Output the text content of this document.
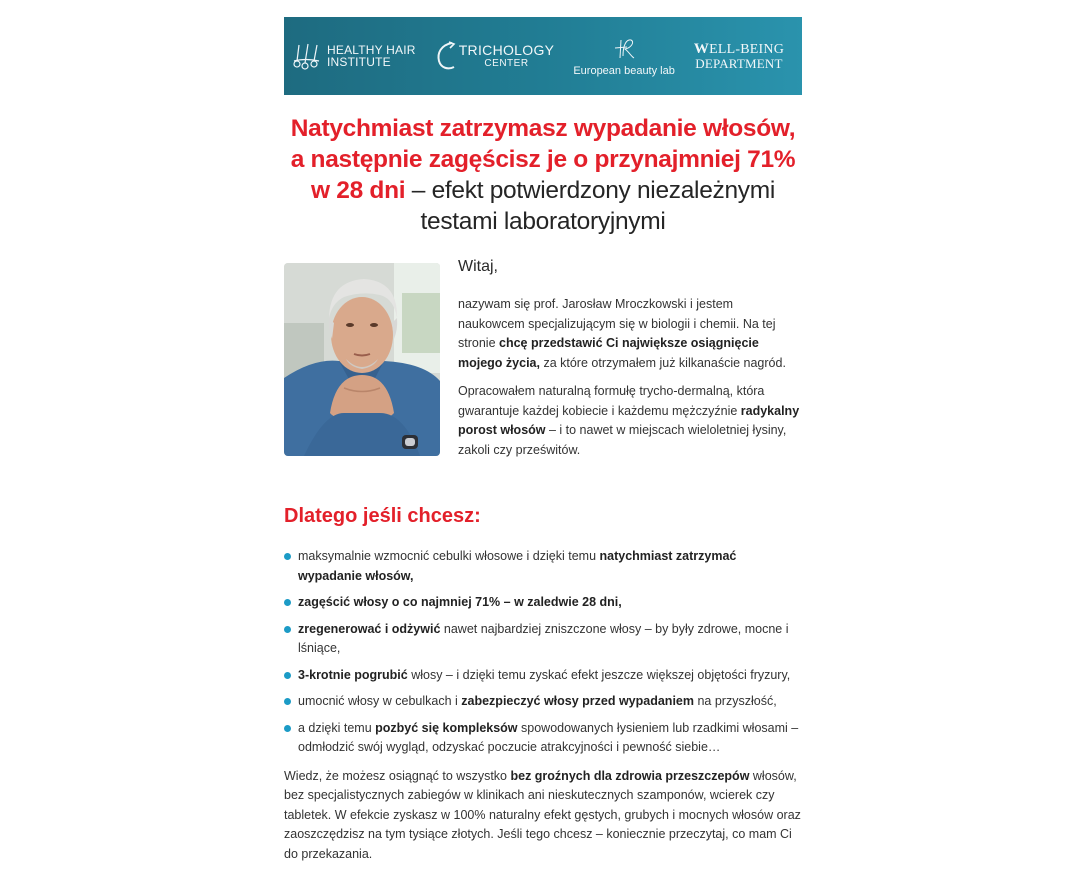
HEALTHY HAIR
INSTITUTE
TRICHOLOGY
CENTER
European beauty lab
WELL-BEING
DEPARTMENT
Natychmiast zatrzymasz wypadanie włosów,
a następnie zagęścisz je o przynajmniej 71%
w 28 dni – efekt potwierdzony niezależnymi
testami laboratoryjnymi
Witaj,

nazywam się prof. Jarosław Mroczkowski i jestem naukowcem specjalizującym się w biologii i chemii. Na tej stronie chcę przedstawić Ci największe osiągnięcie mojego życia, za które otrzymałem już kilkanaście nagród.

Opracowałem naturalną formułę trycho-dermalną, która gwarantuje każdej kobiecie i każdemu mężczyźnie radykalny porost włosów – i to nawet w miejscach wieloletniej łysiny, zakoli czy prześwitów.

Dlatego jeśli chcesz:
maksymalnie wzmocnić cebulki włosowe i dzięki temu natychmiast zatrzymać wypadanie włosów,
zagęścić włosy o co najmniej 71% – w zaledwie 28 dni,
zregenerować i odżywić nawet najbardziej zniszczone włosy – by były zdrowe, mocne i lśniące,
3-krotnie pogrubić włosy – i dzięki temu zyskać efekt jeszcze większej objętości fryzury,
umocnić włosy w cebulkach i zabezpieczyć włosy przed wypadaniem na przyszłość,
a dzięki temu pozbyć się kompleksów spowodowanych łysieniem lub rzadkimi włosami – odmłodzić swój wygląd, odzyskać poczucie atrakcyjności i pewność siebie…

Wiedz, że możesz osiągnąć to wszystko bez groźnych dla zdrowia przeszczepów włosów, bez specjalistycznych zabiegów w klinikach ani nieskutecznych szamponów, wcierek czy tabletek. W efekcie zyskasz w 100% naturalny efekt gęstych, grubych i mocnych włosów oraz zaoszczędzisz na tym tysiące złotych. Jeśli tego chcesz – koniecznie przeczytaj, co mam Ci do przekazania.
